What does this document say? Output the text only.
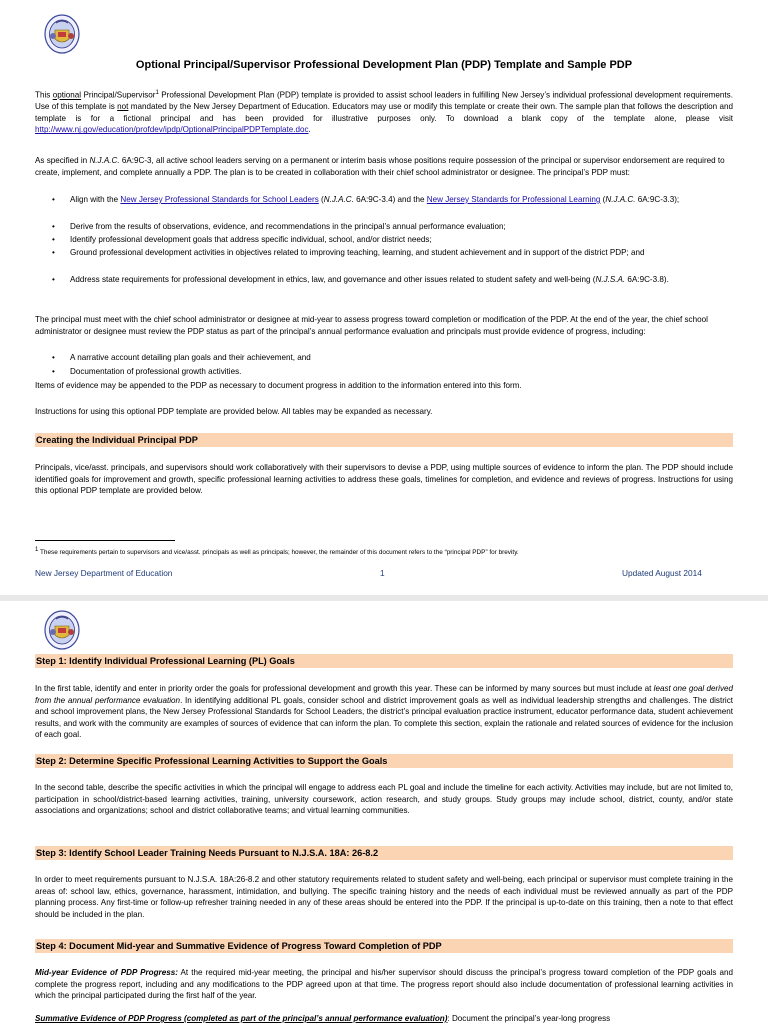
Optional Principal/Supervisor Professional Development Plan (PDP) Template and Sample PDP
This optional Principal/Supervisor$^1$ Professional Development Plan (PDP) template is provided to assist school leaders in fulfilling New Jersey’s individual professional development requirements. Use of this template is not mandated by the New Jersey Department of Education. Educators may use or modify this template or create their own. The sample plan that follows the description and template is for a fictional principal and has been provided for illustrative purposes only. To download a blank copy of the template alone, please visit http://www.nj.gov/education/profdev/ipdp/OptionalPrincipalPDPTemplate.doc.
As specified in N.J.A.C. 6A:9C-3, all active school leaders serving on a permanent or interim basis whose positions require possession of the principal or supervisor endorsement are required to create, implement, and complete annually a PDP. The plan is to be created in collaboration with their chief school administrator or designee. The principal’s PDP must:
• Align with the New Jersey Professional Standards for School Leaders (N.J.A.C. 6A:9C-3.4) and the New Jersey Standards for Professional Learning (N.J.A.C. 6A:9C-3.3);
• Derive from the results of observations, evidence, and recommendations in the principal’s annual performance evaluation;
• Identify professional development goals that address specific individual, school, and/or district needs;
• Ground professional development activities in objectives related to improving teaching, learning, and student achievement and in support of the district PDP; and
• Address state requirements for professional development in ethics, law, and governance and other issues related to student safety and well-being (N.J.S.A. 6A:9C-3.8).
The principal must meet with the chief school administrator or designee at mid-year to assess progress toward completion or modification of the PDP. At the end of the year, the chief school administrator or designee must review the PDP status as part of the principal’s annual performance evaluation and principals must provide evidence of progress, including:
• A narrative account detailing plan goals and their achievement, and
• Documentation of professional growth activities.
Items of evidence may be appended to the PDP as necessary to document progress in addition to the information entered into this form.
Instructions for using this optional PDP template are provided below. All tables may be expanded as necessary.
Creating the Individual Principal PDP
Principals, vice/asst. principals, and supervisors should work collaboratively with their supervisors to devise a PDP, using multiple sources of evidence to inform the plan. The PDP should include identified goals for improvement and growth, specific professional learning activities to address these goals, timelines for completion, and evidence and reviews of progress. Instructions for using this optional PDP template are provided below.
$^1$ These requirements pertain to supervisors and vice/asst. principals as well as principals; however, the remainder of this document refers to the “principal PDP” for brevity.
New Jersey Department of Education	1	Updated August 2014
Step 1: Identify Individual Professional Learning (PL) Goals
In the first table, identify and enter in priority order the goals for professional development and growth this year. These can be informed by many sources but must include at least one goal derived from the annual performance evaluation. In identifying additional PL goals, consider school and district improvement goals as well as individual leadership strengths and challenges. The district and school improvement plans, the New Jersey Professional Standards for School Leaders, the district’s principal evaluation practice instrument, educator performance data, student achievement results, and work with the community are examples of sources of evidence that can inform the plan. To complete this section, explain the rationale and related sources of evidence for the inclusion of each goal.
Step 2: Determine Specific Professional Learning Activities to Support the Goals
In the second table, describe the specific activities in which the principal will engage to address each PL goal and include the timeline for each activity. Activities may include, but are not limited to, participation in school/district-based learning activities, training, university coursework, action research, and study groups. Study groups may include school, district, county, and/or state associations and organizations; school and district collaborative teams; and virtual learning communities.
Step 3: Identify School Leader Training Needs Pursuant to N.J.S.A. 18A: 26-8.2
In order to meet requirements pursuant to N.J.S.A. 18A:26-8.2 and other statutory requirements related to student safety and well-being, each principal or supervisor must complete training in the areas of: school law, ethics, governance, harassment, intimidation, and bullying. The specific training history and the needs of each individual must be reviewed annually as part of the PDP planning process. Any first-time or follow-up refresher training needed in any of these areas should be entered into the PDP. If the principal is up-to-date on this training, then a note to that effect should be included in the plan.
Step 4: Document Mid-year and Summative Evidence of Progress Toward Completion of PDP
Mid-year Evidence of PDP Progress: At the required mid-year meeting, the principal and his/her supervisor should discuss the principal’s progress toward completion of the PDP goals and complete the progress report, including and any modifications to the PDP agreed upon at that time. The progress report should also include documentation of professional learning activities in which the principal participated during the first half of the year.
Summative Evidence of PDP Progress (completed as part of the principal’s annual performance evaluation): Document the principal’s year-long progress
